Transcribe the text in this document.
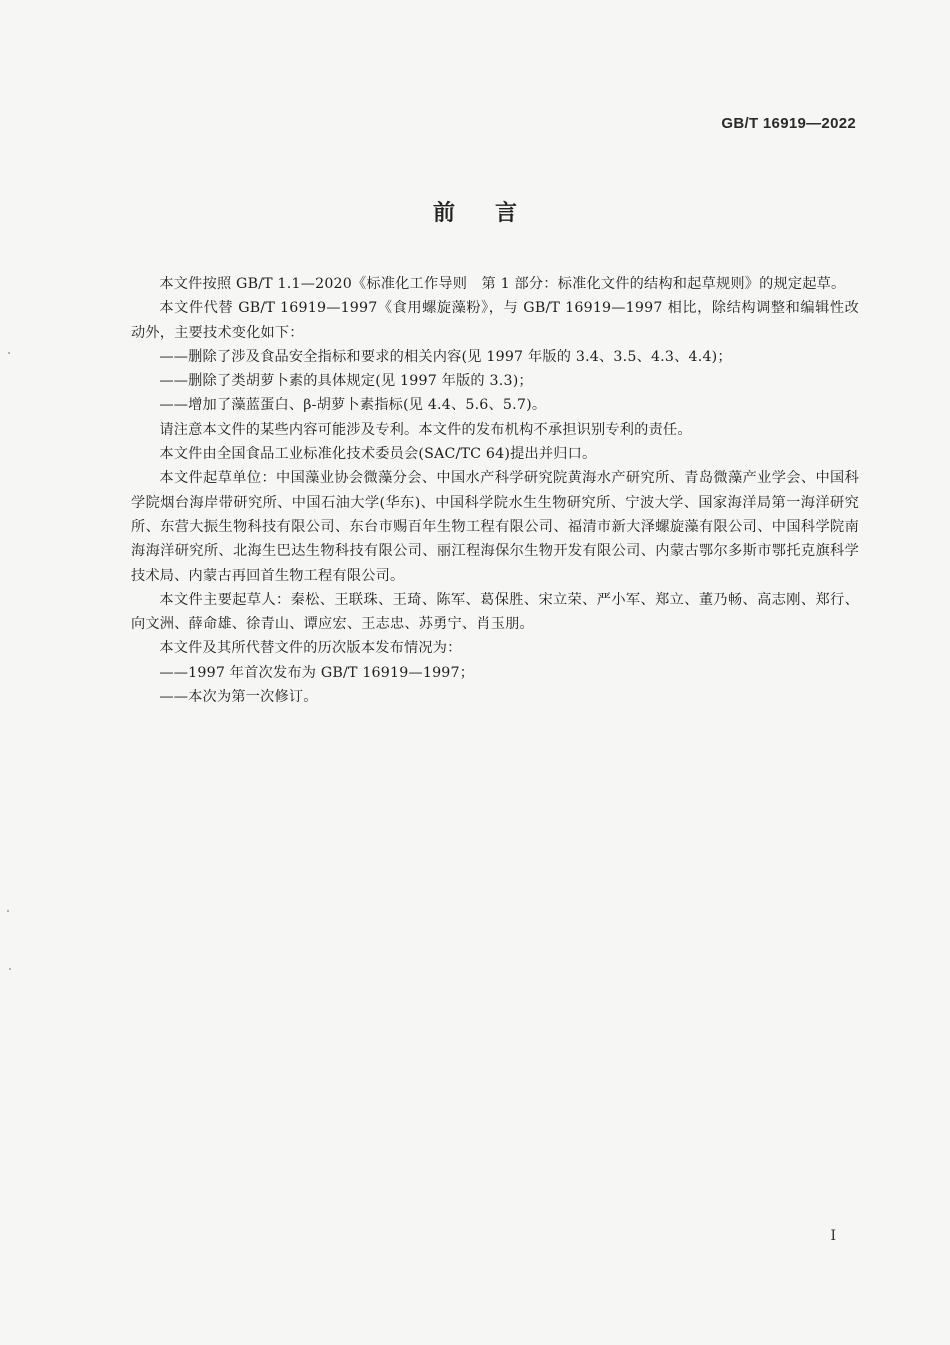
GB/T 16919—2022
前言

本文件按照 GB/T 1.1—2020《标准化工作导则　第 1 部分：标准化文件的结构和起草规则》的规定起草。

本文件代替 GB/T 16919—1997《食用螺旋藻粉》，与 GB/T 16919—1997 相比，除结构调整和编辑性改动外，主要技术变化如下：

——删除了涉及食品安全指标和要求的相关内容(见 1997 年版的 3.4、3.5、4.3、4.4)；

——删除了类胡萝卜素的具体规定(见 1997 年版的 3.3)；

——增加了藻蓝蛋白、β-胡萝卜素指标(见 4.4、5.6、5.7)。

请注意本文件的某些内容可能涉及专利。本文件的发布机构不承担识别专利的责任。

本文件由全国食品工业标准化技术委员会(SAC/TC 64)提出并归口。

本文件起草单位：中国藻业协会微藻分会、中国水产科学研究院黄海水产研究所、青岛微藻产业学会、中国科学院烟台海岸带研究所、中国石油大学(华东)、中国科学院水生生物研究所、宁波大学、国家海洋局第一海洋研究所、东营大振生物科技有限公司、东台市赐百年生物工程有限公司、福清市新大泽螺旋藻有限公司、中国科学院南海海洋研究所、北海生巴达生物科技有限公司、丽江程海保尔生物开发有限公司、内蒙古鄂尔多斯市鄂托克旗科学技术局、内蒙古再回首生物工程有限公司。

本文件主要起草人：秦松、王联珠、王琦、陈军、葛保胜、宋立荣、严小军、郑立、董乃畅、高志刚、郑行、向文洲、薛命雄、徐青山、谭应宏、王志忠、苏勇宁、肖玉朋。

本文件及其所代替文件的历次版本发布情况为：

——1997 年首次发布为 GB/T 16919—1997；

——本次为第一次修订。

I
